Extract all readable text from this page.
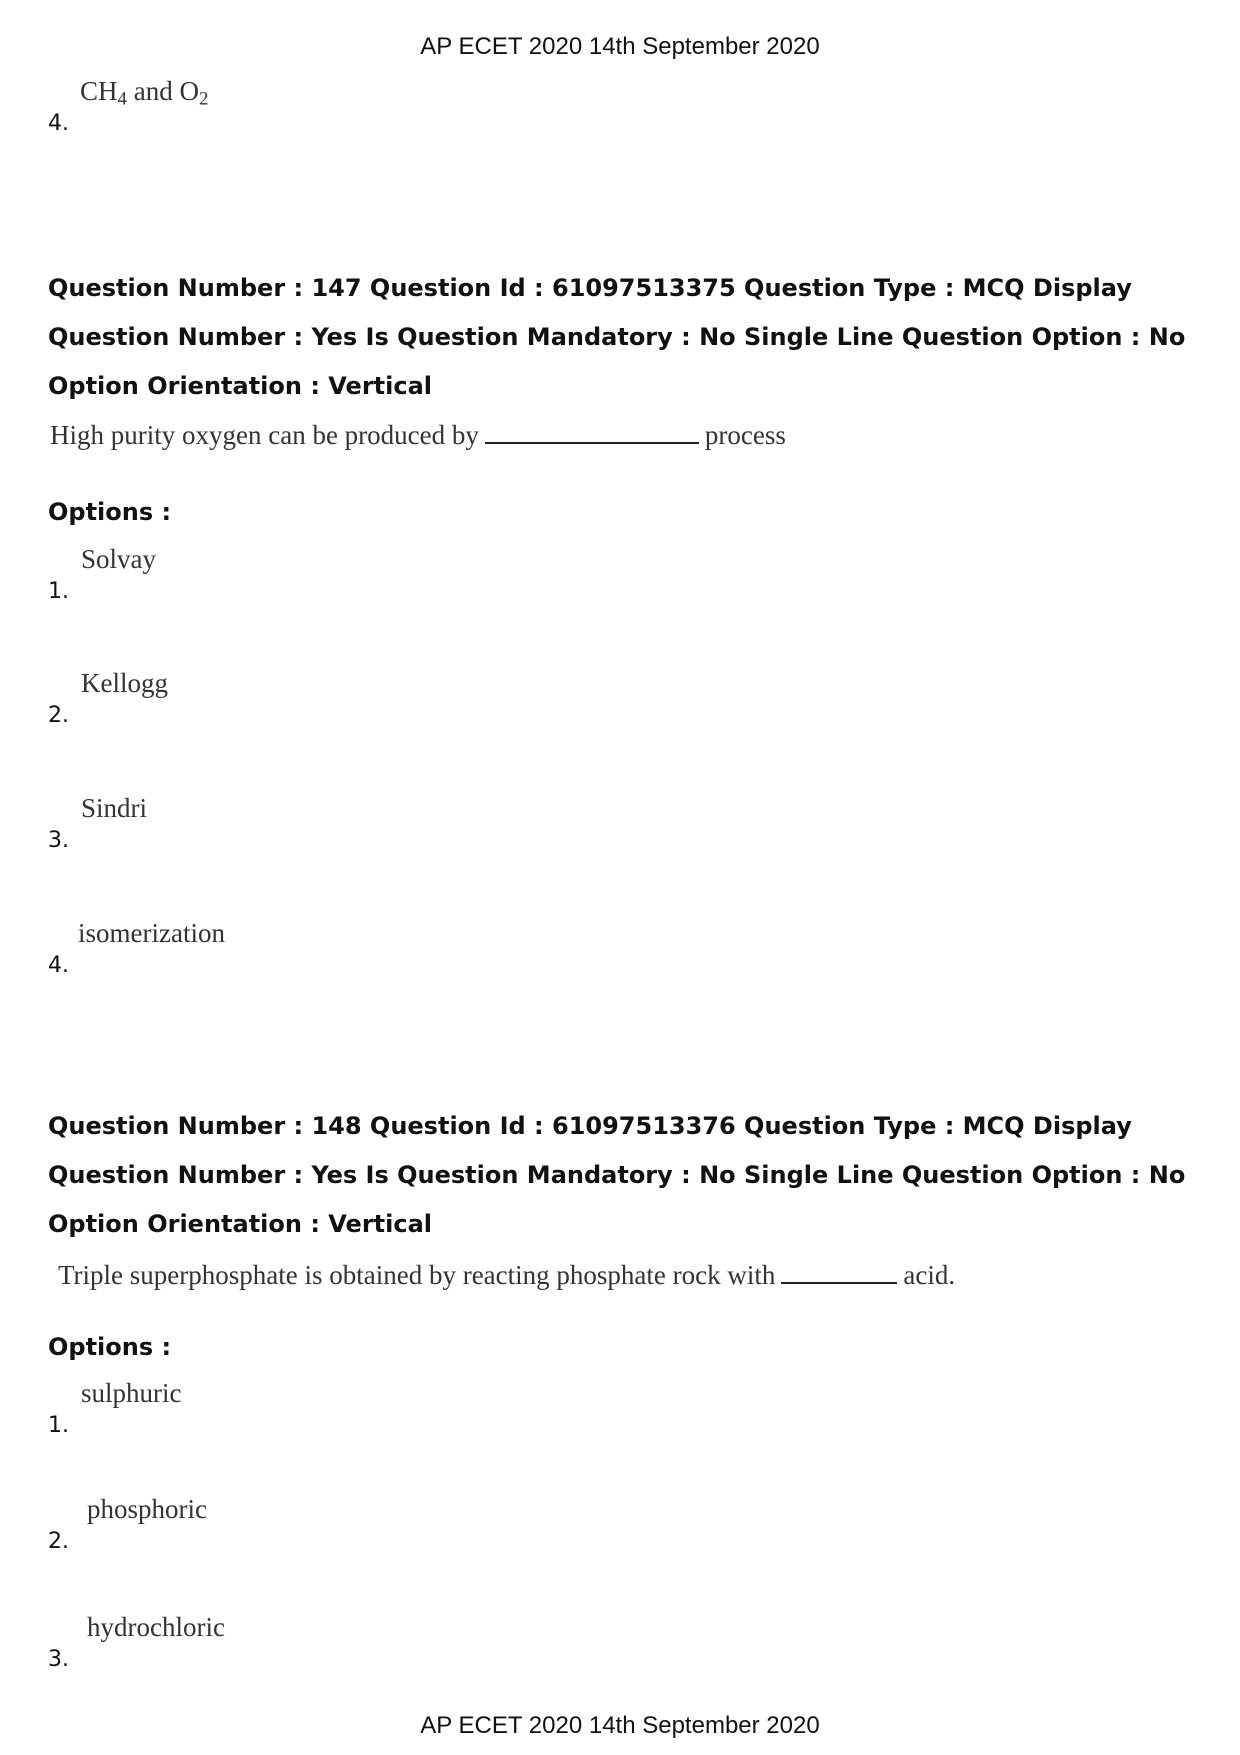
AP ECET 2020 14th September 2020
4.
$CH_4$ and $O_2$
Question Number : 147 Question Id : 61097513375 Question Type : MCQ Display Question Number : Yes Is Question Mandatory : No Single Line Question Option : No Option Orientation : Vertical
High purity oxygen can be produced by	process
Options :
1.
Solvay
2.
Kellogg
3.
Sindri
4.
isomerization
Question Number : 148 Question Id : 61097513376 Question Type : MCQ Display Question Number : Yes Is Question Mandatory : No Single Line Question Option : No Option Orientation : Vertical
Triple superphosphate is obtained by reacting phosphate rock with	acid.
Options :
1.
sulphuric
2.
phosphoric
3.
hydrochloric
AP ECET 2020 14th September 2020
